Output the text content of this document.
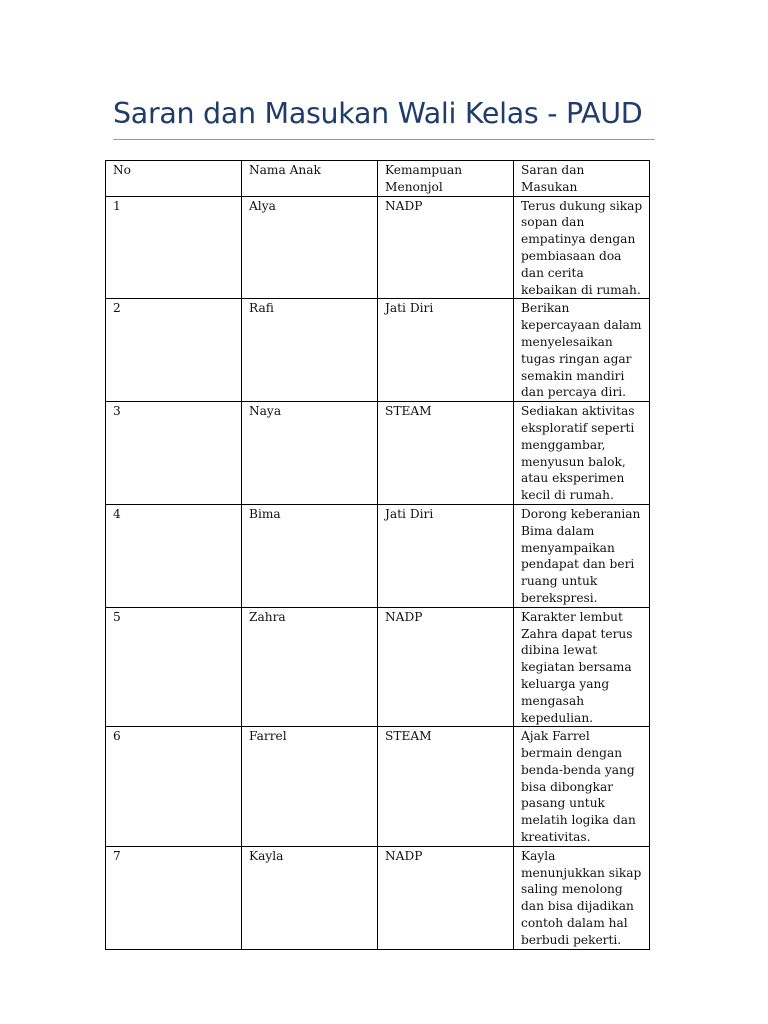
Saran dan Masukan Wali Kelas - PAUD
No	Nama Anak	Kemampuan Menonjol	Saran dan Masukan
1	Alya	NADP	Terus dukung sikap sopan dan empatinya dengan pembiasaan doa dan cerita kebaikan di rumah.
2	Rafi	Jati Diri	Berikan kepercayaan dalam menyelesaikan tugas ringan agar semakin mandiri dan percaya diri.
3	Naya	STEAM	Sediakan aktivitas eksploratif seperti menggambar, menyusun balok, atau eksperimen kecil di rumah.
4	Bima	Jati Diri	Dorong keberanian Bima dalam menyampaikan pendapat dan beri ruang untuk berekspresi.
5	Zahra	NADP	Karakter lembut Zahra dapat terus dibina lewat kegiatan bersama keluarga yang mengasah kepedulian.
6	Farrel	STEAM	Ajak Farrel bermain dengan benda-benda yang bisa dibongkar pasang untuk melatih logika dan kreativitas.
7	Kayla	NADP	Kayla menunjukkan sikap saling menolong dan bisa dijadikan contoh dalam hal berbudi pekerti.
